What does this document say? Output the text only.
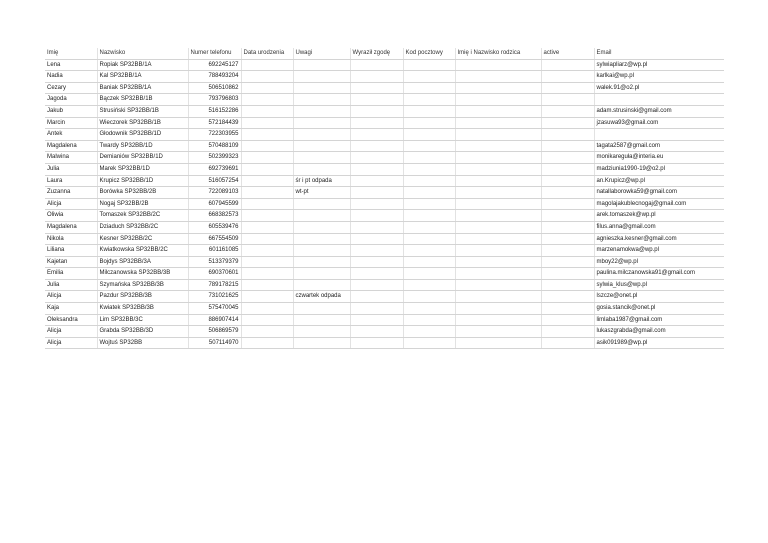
Imię	Nazwisko	Numer telefonu	Data urodzenia	Uwagi	Wyraził zgodę	Kod pocztowy	Imię i Nazwisko rodzica	active	Email
Lena	Ropiak SP32BB/1A	692245127							sylwiapliarz@wp.pl
Nadia	Kal SP32BB/1A	788493204							karlkai@wp.pl
Cezary	Baniak SP32BB/1A	506510862							walek.91@o2.pl
Jagoda	Bączek SP32BB/1B	793796803							
Jakub	Strusiński SP32BB/1B	516152286							adam.strusinski@gmail.com
Marcin	Wieczorek SP32BB/1B	572184439							jzasuwa93@gmail.com
Antek	Głodownik SP32BB/1D	722303955							
Magdalena	Twardy SP32BB/1D	570488109							tagata2587@gmail.com
Malwina	Demianiów SP32BB/1D	502399323							monikareguła@interia.eu
Julia	Marek SP32BB/1D	692739691							madziunia1990-19@o2.pl
Laura	Krupicz SP32BB/1D	516057254		śr i pt odpada					an.Krupicz@wp.pl
Zuzanna	Borówka SP32BB/2B	722089103		wt-pt					natallaborowka59@gmail.com
Alicja	Nogaj SP32BB/2B	607945599							magolajakublecnogaj@gmail.com
Oliwia	Tomaszek SP32BB/2C	668382573							arek.tomaszek@wp.pl
Magdalena	Dziaduch SP32BB/2C	605539476							filus.anna@gmail.com
Nikola	Kesner SP32BB/2C	667554509							agnieszka.kesner@gmail.com
Liliana	Kwiatkowska SP32BB/2C	601161085							marzenamokwa@wp.pl
Kajetan	Bojdys SP32BB/3A	513379379							mboy22@wp.pl
Emilia	Milczanowska SP32BB/3B	690370601							paulina.milczanowska91@gmail.com
Julia	Szymańska SP32BB/3B	789178215							sylwia_klus@wp.pl
Alicja	Pazdur SP32BB/3B	731021625		czwartek odpada					lszcze@onet.pl
Kaja	Kwiatek SP32BB/3B	575470045							gosia.stancik@onet.pl
Oleksandra	Lim SP32BB/3C	886907414							limlaba1987@gmail.com
Alicja	Grabda SP32BB/3D	506869579							lukaszgrabda@gmail.com
Alicja	Wojtuś SP32BB	507114970							asik091989@wp.pl
